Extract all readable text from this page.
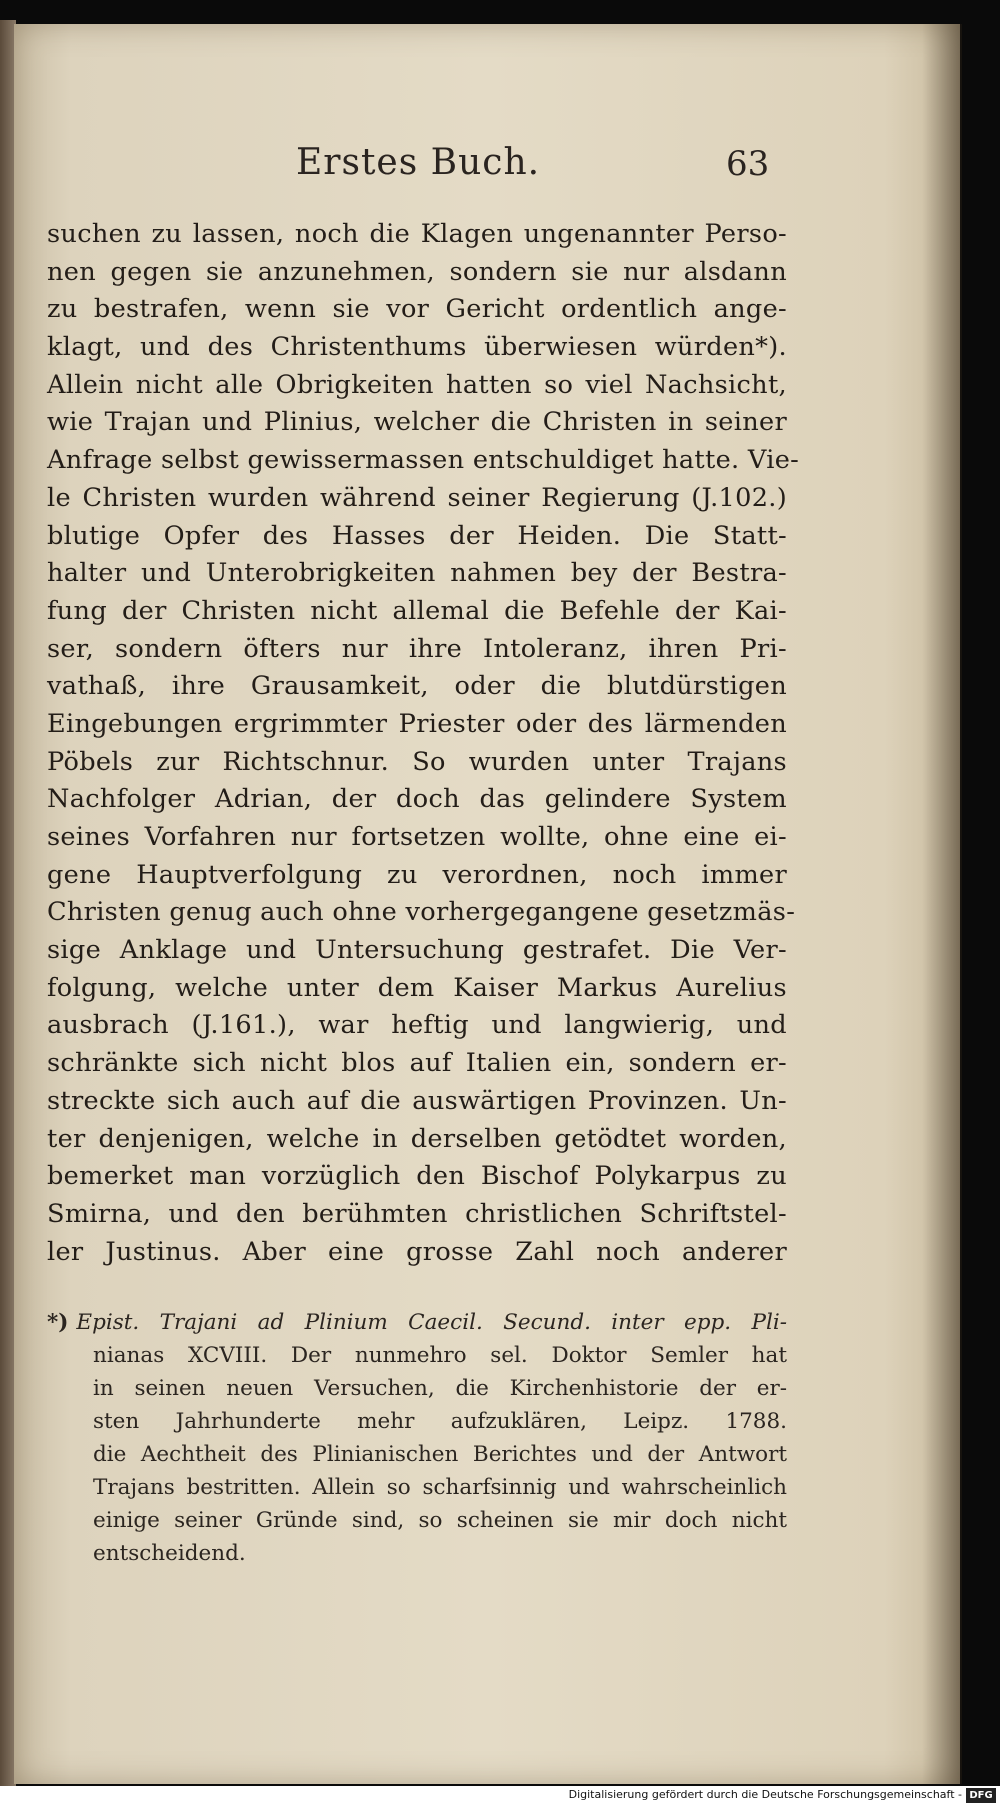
Erstes Buch.	63
suchen zu lassen, noch die Klagen ungenannter Perso-
nen gegen sie anzunehmen, sondern sie nur alsdann
zu bestrafen, wenn sie vor Gericht ordentlich ange-
klagt, und des Christenthums überwiesen würden*).
Allein nicht alle Obrigkeiten hatten so viel Nachsicht,
wie Trajan und Plinius, welcher die Christen in seiner
Anfrage selbst gewissermassen entschuldiget hatte. Vie-
le Christen wurden während seiner Regierung (J.102.)
blutige Opfer des Hasses der Heiden. Die Statt-
halter und Unterobrigkeiten nahmen bey der Bestra-
fung der Christen nicht allemal die Befehle der Kai-
ser, sondern öfters nur ihre Intoleranz, ihren Pri-
vathaß, ihre Grausamkeit, oder die blutdürstigen
Eingebungen ergrimmter Priester oder des lärmenden
Pöbels zur Richtschnur. So wurden unter Trajans
Nachfolger Adrian, der doch das gelindere System
seines Vorfahren nur fortsetzen wollte, ohne eine ei-
gene Hauptverfolgung zu verordnen, noch immer
Christen genug auch ohne vorhergegangene gesetzmäs-
sige Anklage und Untersuchung gestrafet. Die Ver-
folgung, welche unter dem Kaiser Markus Aurelius
ausbrach (J.161.), war heftig und langwierig, und
schränkte sich nicht blos auf Italien ein, sondern er-
streckte sich auch auf die auswärtigen Provinzen. Un-
ter denjenigen, welche in derselben getödtet worden,
bemerket man vorzüglich den Bischof Polykarpus zu
Smirna, und den berühmten christlichen Schriftstel-
ler Justinus. Aber eine grosse Zahl noch anderer
*) Epist. Trajani ad Plinium Caecil. Secund. inter epp. Pli-
nianas XCVIII. Der nunmehro sel. Doktor Semler hat
in seinen neuen Versuchen, die Kirchenhistorie der er-
sten Jahrhunderte mehr aufzuklären, Leipz. 1788.
die Aechtheit des Plinianischen Berichtes und der Antwort
Trajans bestritten. Allein so scharfsinnig und wahrscheinlich
einige seiner Gründe sind, so scheinen sie mir doch nicht
entscheidend.
Digitalisierung gefördert durch die Deutsche Forschungsgemeinschaft - DFG
